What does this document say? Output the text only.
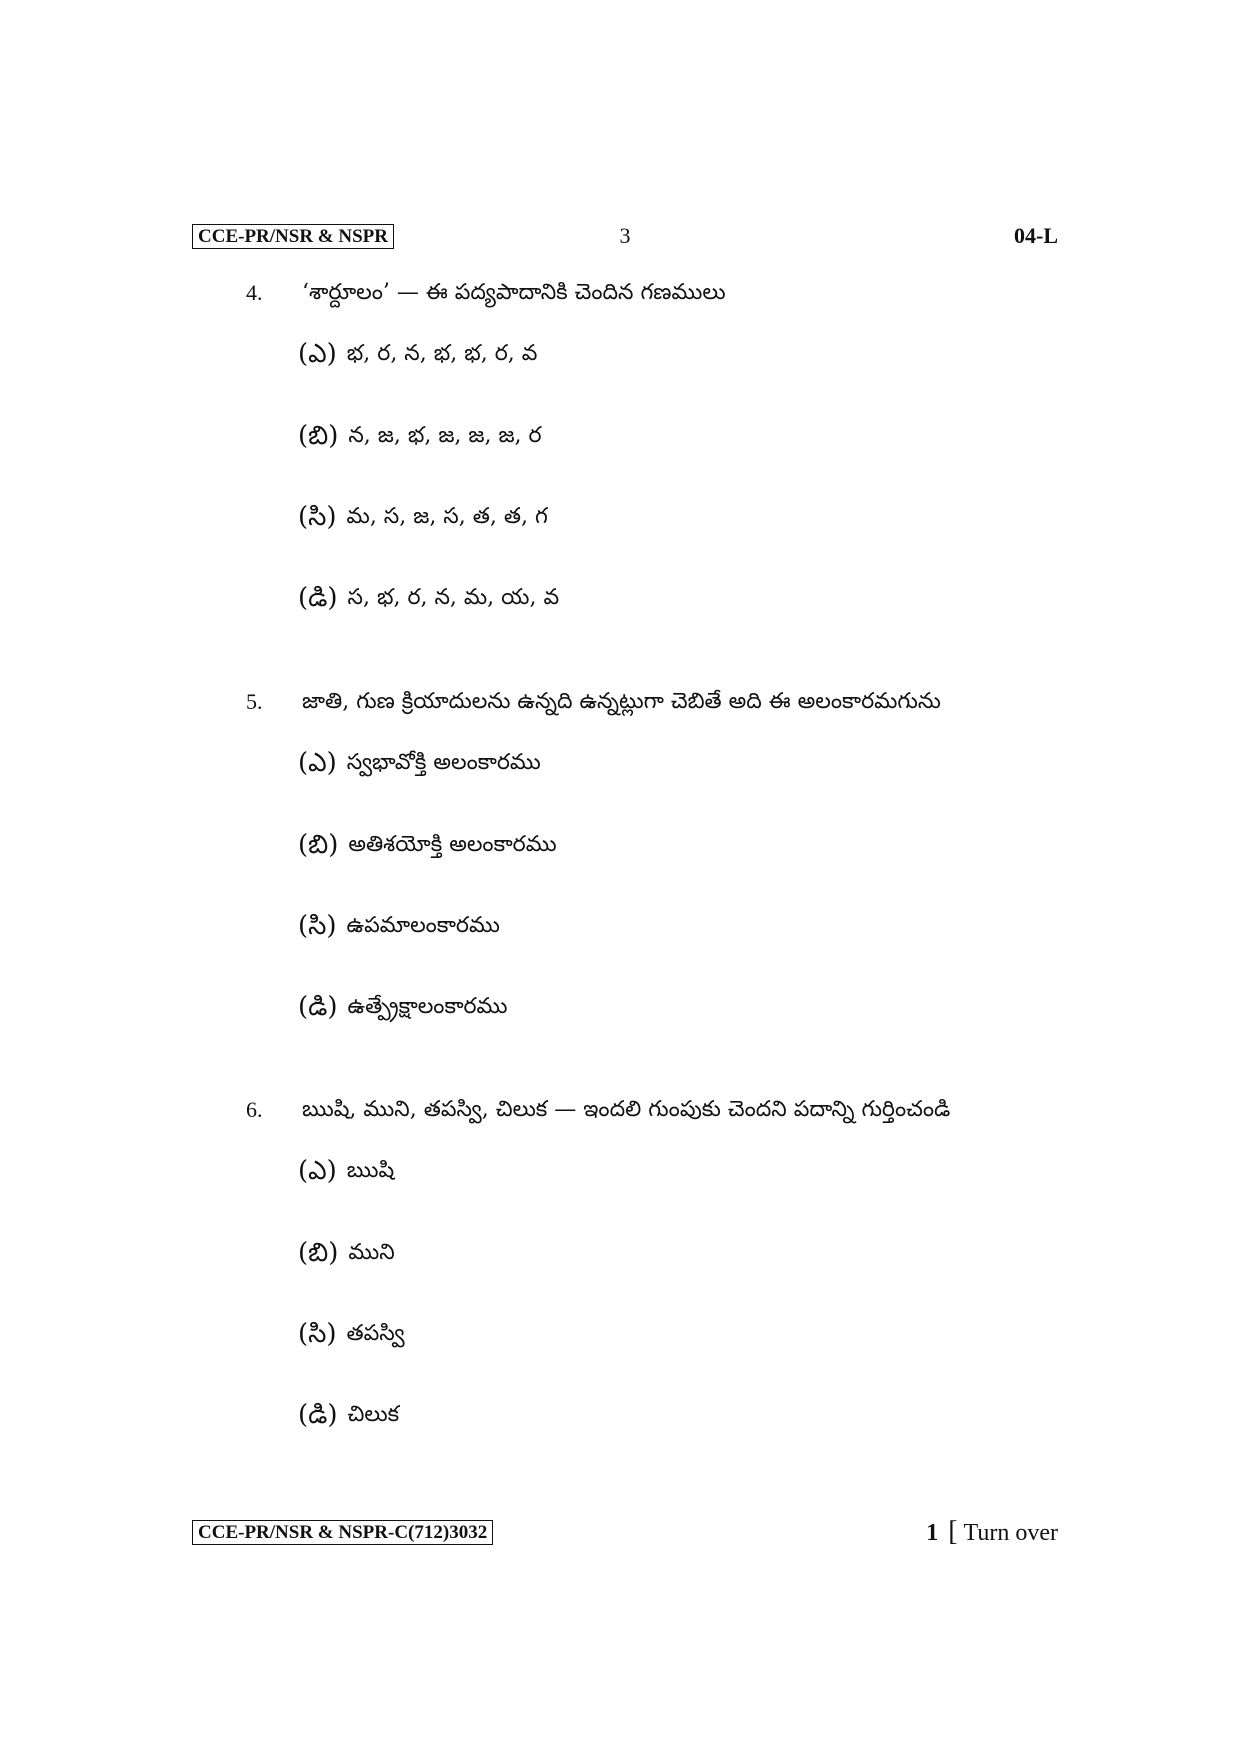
CCE-PR/NSR & NSPR	3	04-L
4. ‘శార్దూలం’ — ఈ పద్యపాదానికి చెందిన గణములు
(ఎ) భ, ర, న, భ, భ, ర, వ
(బి) న, జ, భ, జ, జ, జ, ర
(సి) మ, స, జ, స, త, త, గ
(డి) స, భ, ర, న, మ, య, వ
5. జాతి, గుణ క్రియాదులను ఉన్నది ఉన్నట్లుగా చెబితే అది ఈ అలంకారమగును
(ఎ) స్వభావోక్తి అలంకారము
(బి) అతిశయోక్తి అలంకారము
(సి) ఉపమాలంకారము
(డి) ఉత్ప్రేక్షాలంకారము
6. ఋషి, ముని, తపస్వి, చిలుక — ఇందలి గుంపుకు చెందని పదాన్ని గుర్తించండి
(ఎ) ఋషి
(బి) ముని
(సి) తపస్వి
(డి) చిలుక
CCE-PR/NSR & NSPR-C(712)3032	1 [ Turn over
